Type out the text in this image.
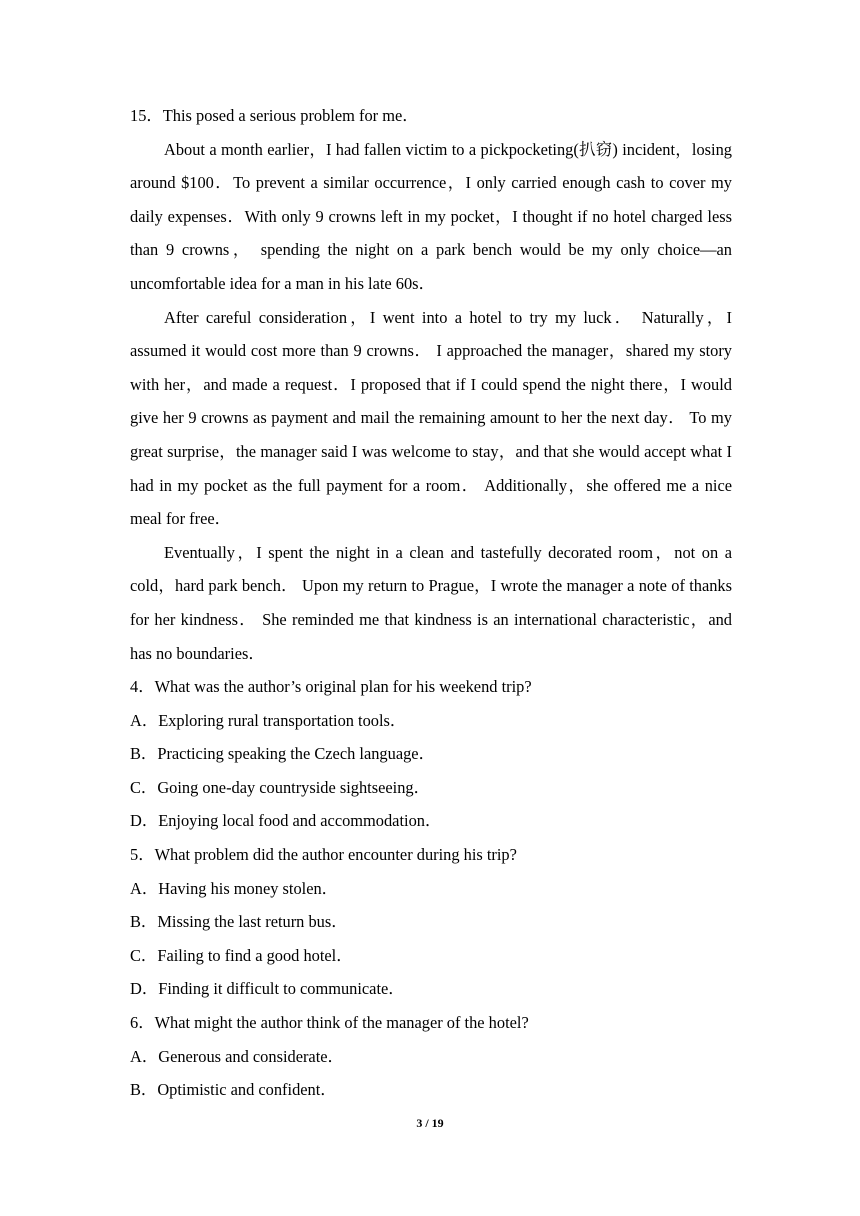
15．This posed a serious problem for me．

About a month earlier，I had fallen victim to a pickpocketing(扒窃) incident，losing around $100．To prevent a similar occurrence，I only carried enough cash to cover my daily expenses．With only 9 crowns left in my pocket，I thought if no hotel charged less than 9 crowns， spending the night on a park bench would be my only choice—an uncomfortable idea for a man in his late 60s．

After careful consideration，I went into a hotel to try my luck． Naturally，I assumed it would cost more than 9 crowns． I approached the manager，shared my story with her，and made a request．I proposed that if I could spend the night there，I would give her 9 crowns as payment and mail the remaining amount to her the next day． To my great surprise，the manager said I was welcome to stay，and that she would accept what I had in my pocket as the full payment for a room． Additionally，she offered me a nice meal for free．

Eventually，I spent the night in a clean and tastefully decorated room，not on a cold，hard park bench． Upon my return to Prague，I wrote the manager a note of thanks for her kindness． She reminded me that kindness is an international characteristic，and has no boundaries．

4．What was the author’s original plan for his weekend trip?

A．Exploring rural transportation tools．

B．Practicing speaking the Czech language．

C．Going one-day countryside sightseeing．

D．Enjoying local food and accommodation．

5．What problem did the author encounter during his trip?

A．Having his money stolen．

B．Missing the last return bus．

C．Failing to find a good hotel．

D．Finding it difficult to communicate．

6．What might the author think of the manager of the hotel?

A．Generous and considerate．

B．Optimistic and confident．

3 / 19
